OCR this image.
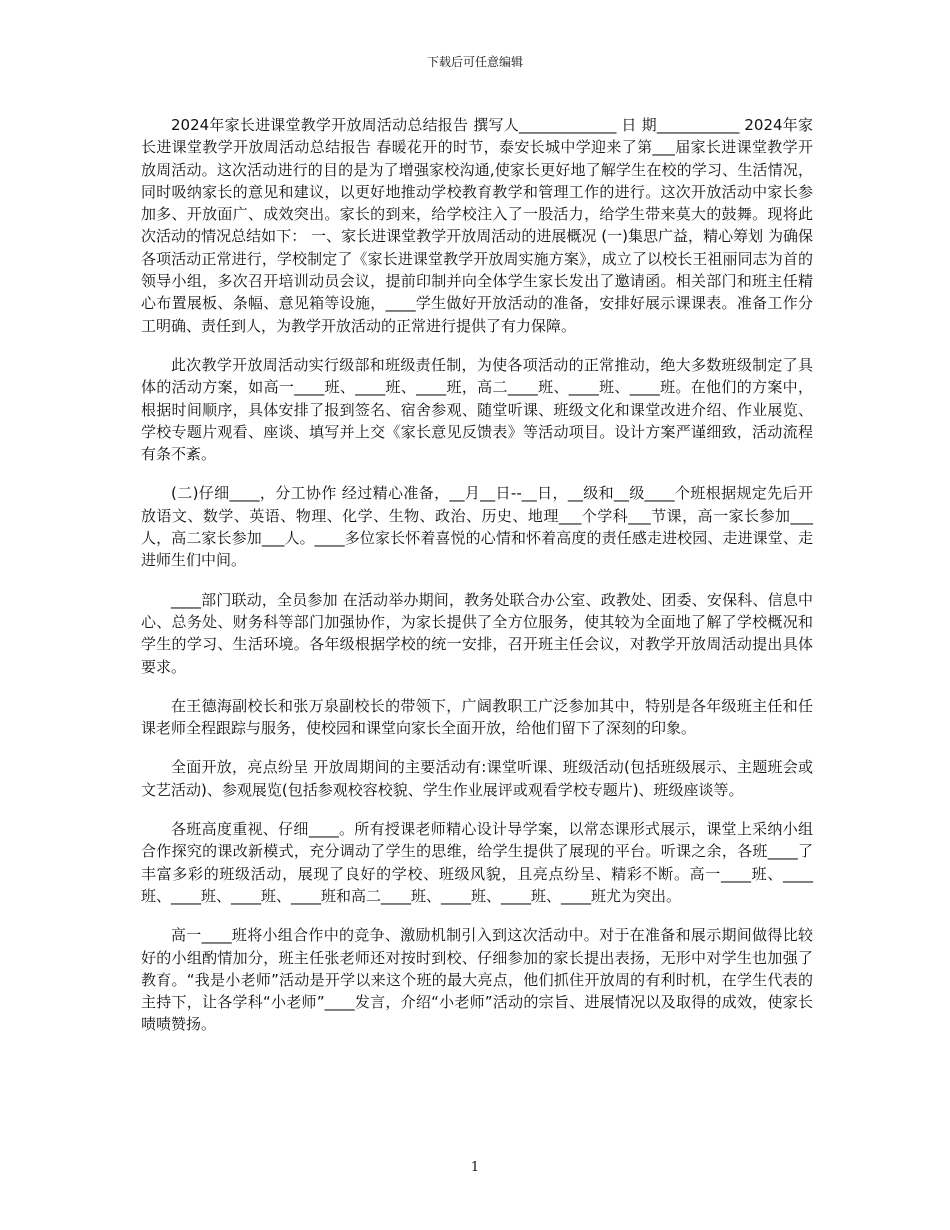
下载后可任意编辑

2024年家长进课堂教学开放周活动总结报告 撰写人_____________ 日 期___________ 2024年家长进课堂教学开放周活动总结报告 春暖花开的时节，泰安长城中学迎来了第___届家长进课堂教学开放周活动。这次活动进行的目的是为了增强家校沟通,使家长更好地了解学生在校的学习、生活情况，同时吸纳家长的意见和建议，以更好地推动学校教育教学和管理工作的进行。这次开放活动中家长参加多、开放面广、成效突出。家长的到来，给学校注入了一股活力，给学生带来莫大的鼓舞。现将此次活动的情况总结如下： 一、家长进课堂教学开放周活动的进展概况 (一)集思广益，精心筹划 为确保各项活动正常进行，学校制定了《家长进课堂教学开放周实施方案》，成立了以校长王祖丽同志为首的领导小组，多次召开培训动员会议，提前印制并向全体学生家长发出了邀请函。相关部门和班主任精心布置展板、条幅、意见箱等设施，____学生做好开放活动的准备，安排好展示课课表。准备工作分工明确、责任到人，为教学开放活动的正常进行提供了有力保障。

此次教学开放周活动实行级部和班级责任制，为使各项活动的正常推动，绝大多数班级制定了具体的活动方案，如高一____班、____班、____班，高二____班、____班、____班。在他们的方案中，根据时间顺序，具体安排了报到签名、宿舍参观、随堂听课、班级文化和课堂改进介绍、作业展览、学校专题片观看、座谈、填写并上交《家长意见反馈表》等活动项目。设计方案严谨细致，活动流程有条不紊。

(二)仔细____，分工协作 经过精心准备，__月__日--__日，__级和__级____个班根据规定先后开放语文、数学、英语、物理、化学、生物、政治、历史、地理___个学科___节课，高一家长参加___人，高二家长参加___人。____多位家长怀着喜悦的心情和怀着高度的责任感走进校园、走进课堂、走进师生们中间。

____部门联动，全员参加 在活动举办期间，教务处联合办公室、政教处、团委、安保科、信息中心、总务处、财务科等部门加强协作，为家长提供了全方位服务，使其较为全面地了解了学校概况和学生的学习、生活环境。各年级根据学校的统一安排，召开班主任会议，对教学开放周活动提出具体要求。

在王德海副校长和张万泉副校长的带领下，广阔教职工广泛参加其中，特别是各年级班主任和任课老师全程跟踪与服务，使校园和课堂向家长全面开放，给他们留下了深刻的印象。

全面开放，亮点纷呈 开放周期间的主要活动有:课堂听课、班级活动(包括班级展示、主题班会或文艺活动)、参观展览(包括参观校容校貌、学生作业展评或观看学校专题片)、班级座谈等。

各班高度重视、仔细____。所有授课老师精心设计导学案，以常态课形式展示，课堂上采纳小组合作探究的课改新模式，充分调动了学生的思维，给学生提供了展现的平台。听课之余，各班____了丰富多彩的班级活动，展现了良好的学校、班级风貌，且亮点纷呈、精彩不断。高一____班、____班、____班、____班、____班和高二____班、____班、____班、____班尤为突出。

高一____班将小组合作中的竞争、激励机制引入到这次活动中。对于在准备和展示期间做得比较好的小组酌情加分，班主任张老师还对按时到校、仔细参加的家长提出表扬，无形中对学生也加强了教育。“我是小老师”活动是开学以来这个班的最大亮点，他们抓住开放周的有利时机，在学生代表的主持下，让各学科“小老师”____发言，介绍“小老师”活动的宗旨、进展情况以及取得的成效，使家长啧啧赞扬。

1
